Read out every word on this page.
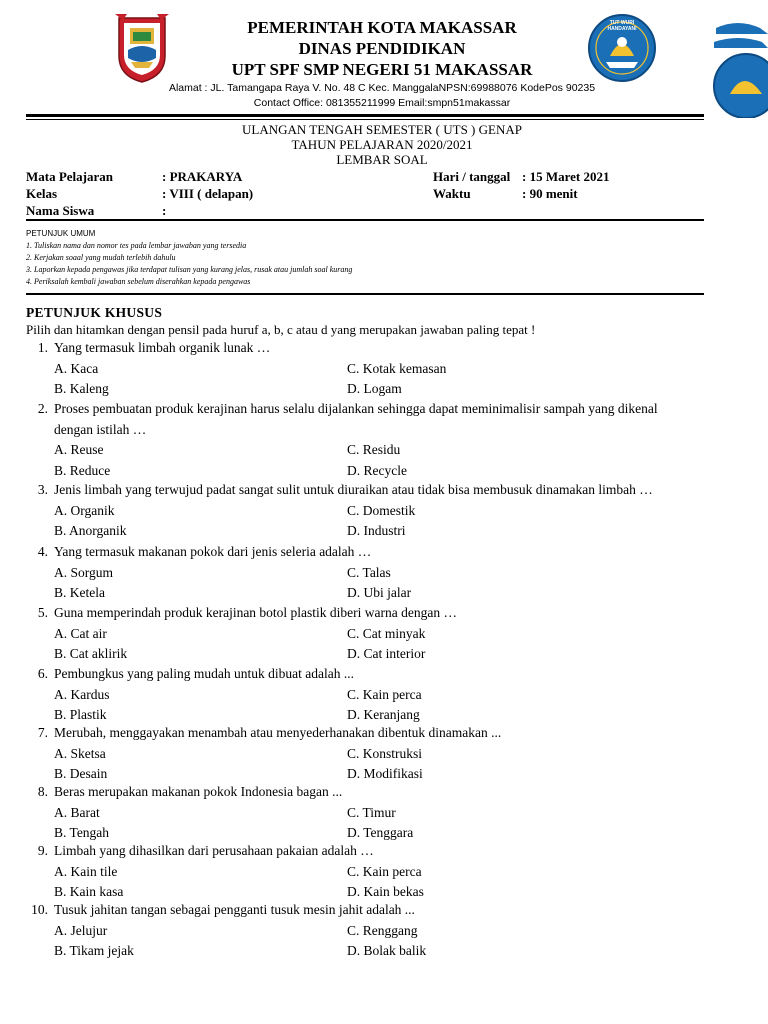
PEMERINTAH KOTA MAKASSAR
DINAS PENDIDIKAN
UPT SPF SMP NEGERI 51 MAKASSAR
Alamat : JL. Tamangapa Raya V. No. 48 C Kec. ManggalaNPSN:69988076 KodePos 90235
Contact Office: 081355211999 Email:smpn51makassar
TUT WURI HANDAYANI
ULANGAN TENGAH SEMESTER ( UTS ) GENAP
TAHUN PELAJARAN 2020/2021
LEMBAR SOAL
Mata Pelajaran	: PRAKARYA	Hari / tanggal : 15 Maret 2021
Kelas	: VIII ( delapan)	Waktu	: 90 menit
Nama Siswa	:
PETUNJUK UMUM
1. Tuliskan nama dan nomor tes pada lembar jawaban yang tersedia
2. Kerjakan soaal yang mudah terlebih dahulu
3. Laporkan kepada pengawas jika terdapat tulisan yang kurang jelas, rusak atau jumlah soal kurang
4. Periksalah kembali jawaban sebelum diserahkan kepada pengawas
PETUNJUK KHUSUS
Pilih dan hitamkan dengan pensil pada huruf a, b, c atau d yang merupakan jawaban paling tepat !
1. Yang termasuk limbah organik lunak …
A. Kaca	C. Kotak kemasan
B. Kaleng	D. Logam
2. Proses pembuatan produk kerajinan harus selalu dijalankan sehingga dapat meminimalisir sampah yang dikenal
dengan istilah …
A. Reuse	C. Residu
B. Reduce	D. Recycle
3. Jenis limbah yang terwujud padat sangat sulit untuk diuraikan atau tidak bisa membusuk dinamakan limbah …
A. Organik	C. Domestik
B. Anorganik	D. Industri
4. Yang termasuk makanan pokok dari jenis seleria adalah …
A. Sorgum	C. Talas
B. Ketela	D. Ubi jalar
5. Guna memperindah produk kerajinan botol plastik diberi warna dengan …
A. Cat air	C. Cat minyak
B. Cat aklirik	D. Cat interior
6. Pembungkus yang paling mudah untuk dibuat adalah ...
A. Kardus	C. Kain perca
B. Plastik	D. Keranjang
7. Merubah, menggayakan menambah atau menyederhanakan dibentuk dinamakan ...
A. Sketsa	C. Konstruksi
B. Desain	D. Modifikasi
8. Beras merupakan makanan pokok Indonesia bagan ...
A. Barat	C. Timur
B. Tengah	D. Tenggara
9. Limbah yang dihasilkan dari perusahaan pakaian adalah …
A. Kain tile	C. Kain perca
B. Kain kasa	D. Kain bekas
10. Tusuk jahitan tangan sebagai pengganti tusuk mesin jahit adalah ...
A. Jelujur	C. Renggang
B. Tikam jejak	D. Bolak balik
